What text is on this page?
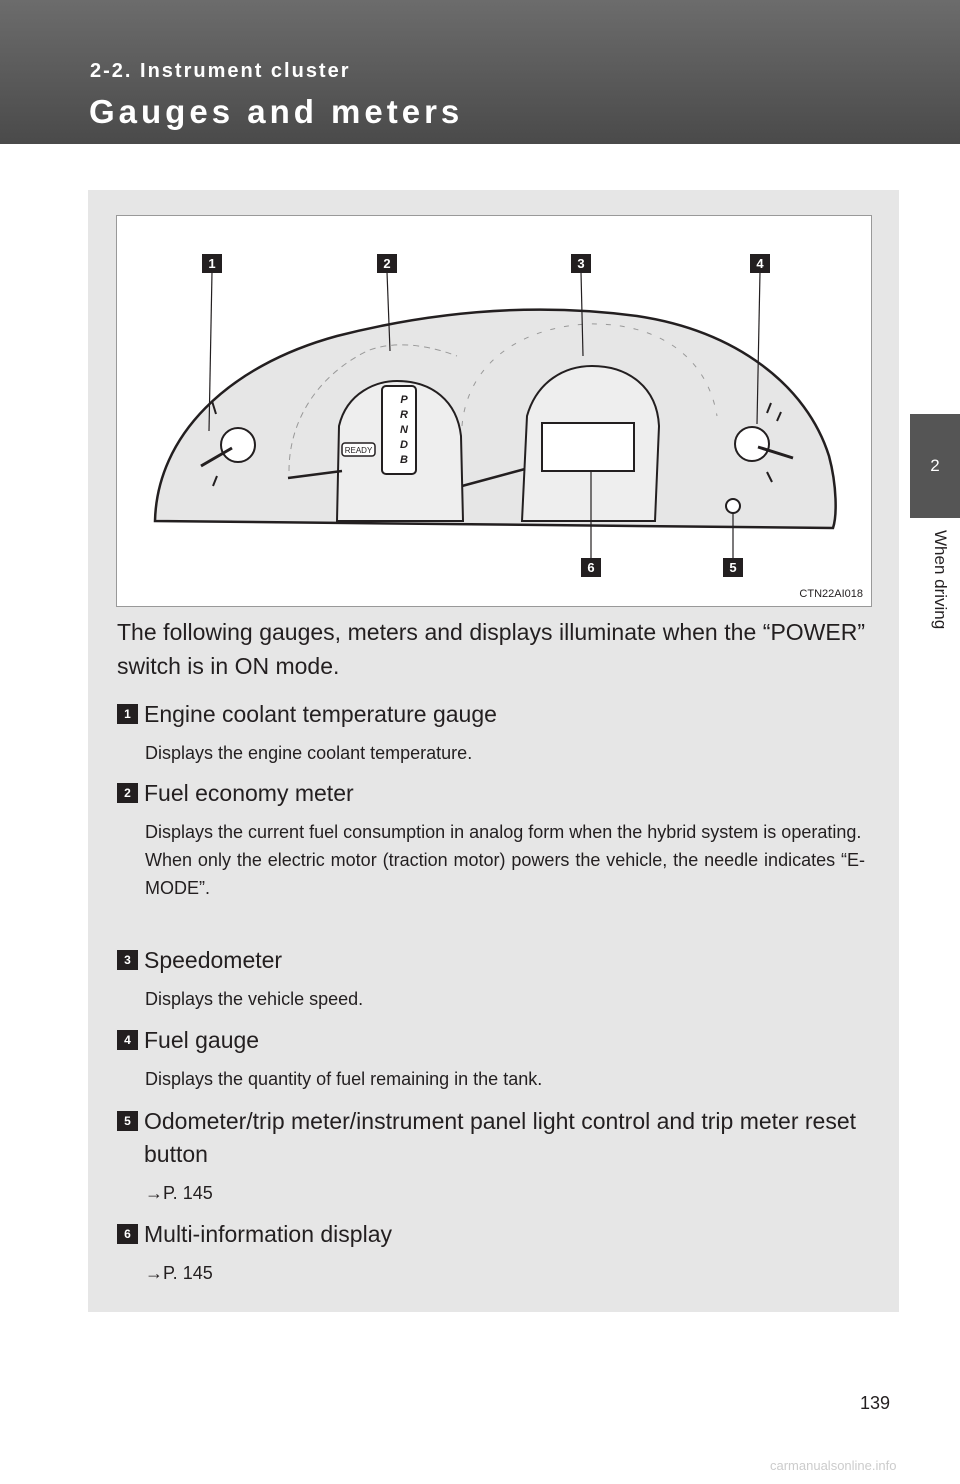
2-2. Instrument cluster
Gauges and meters
2
When driving
P
R
N
D
B
READY
1	2	3	4
5
6
CTN22AI018

The following gauges, meters and displays illuminate when the “POWER” switch is in ON mode.

1 Engine coolant temperature gauge

Displays the engine coolant temperature.

2 Fuel economy meter

Displays the current fuel consumption in analog form when the hybrid system is operating.

When only the electric motor (traction motor) powers the vehicle, the needle indicates “E-MODE”.

3 Speedometer

Displays the vehicle speed.

4 Fuel gauge

Displays the quantity of fuel remaining in the tank.

5 Odometer/trip meter/instrument panel light control and trip meter reset button

→P. 145

6 Multi-information display

→P. 145

139
carmanualsonline.info
